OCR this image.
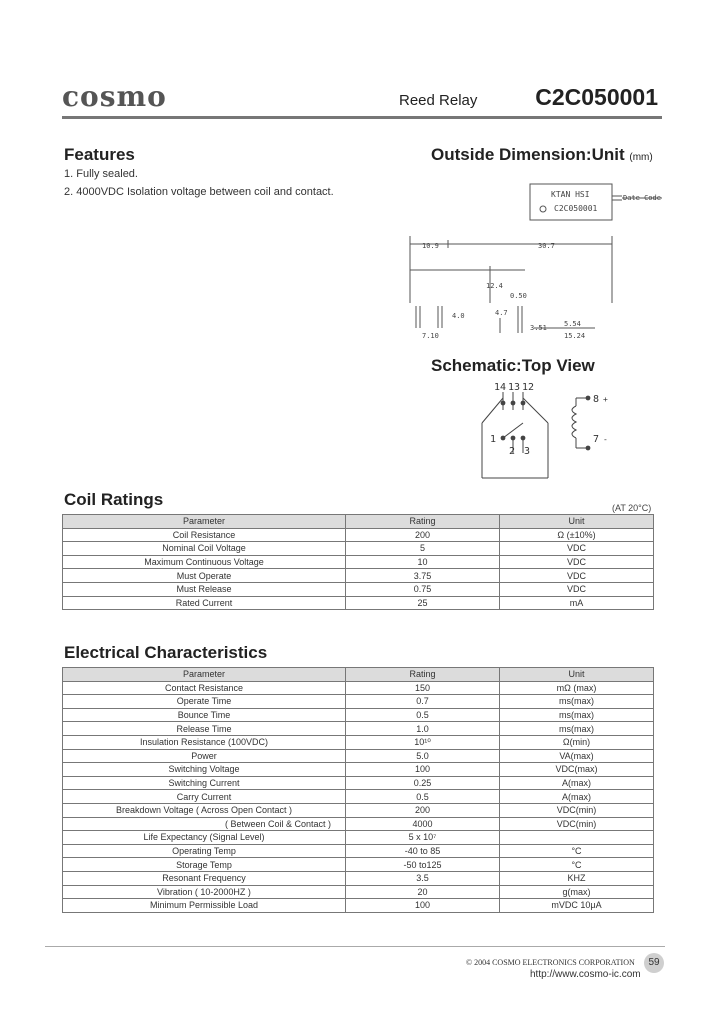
cosmo	Reed Relay	C2C050001
Features
1. Fully sealed.
2. 4000VDC Isolation voltage between coil and contact.
Outside Dimension:Unit (mm)
KTAN HSI
C2C050001
Date Code
10.9	30.7
12.4
0.50
4.7
3.51 5.54
15.24
4.0
7.10
Schematic:Top View
14 13 12
1
2 3
8
7
+
-
Coil Ratings	(AT 20°C)
Parameter	Rating	Unit
Coil Resistance	200	Ω (±10%)
Nominal Coil Voltage	5	VDC
Maximum Continuous Voltage	10	VDC
Must Operate	3.75	VDC
Must Release	0.75	VDC
Rated Current	25	mA
Electrical Characteristics
Parameter	Rating	Unit
Contact Resistance	150	mΩ (max)
Operate Time	0.7	ms(max)
Bounce Time	0.5	ms(max)
Release Time	1.0	ms(max)
Insulation Resistance (100VDC)	10¹⁰	Ω(min)
Power	5.0	VA(max)
Switching Voltage	100	VDC(max)
Switching Current	0.25	A(max)
Carry Current	0.5	A(max)
Breakdown Voltage ( Across Open Contact )	200	VDC(min)
( Between Coil & Contact )	4000	VDC(min)
Life Expectancy (Signal Level)	5 x 10⁷	
Operating Temp	-40 to 85	°C
Storage Temp	-50 to125	°C
Resonant Frequency	3.5	KHZ
Vibration ( 10-2000HZ )	20	g(max)
Minimum Permissible Load	100	mVDC 10μA
© 2004 COSMO ELECTRONICS CORPORATION
http://www.cosmo-ic.com
59
